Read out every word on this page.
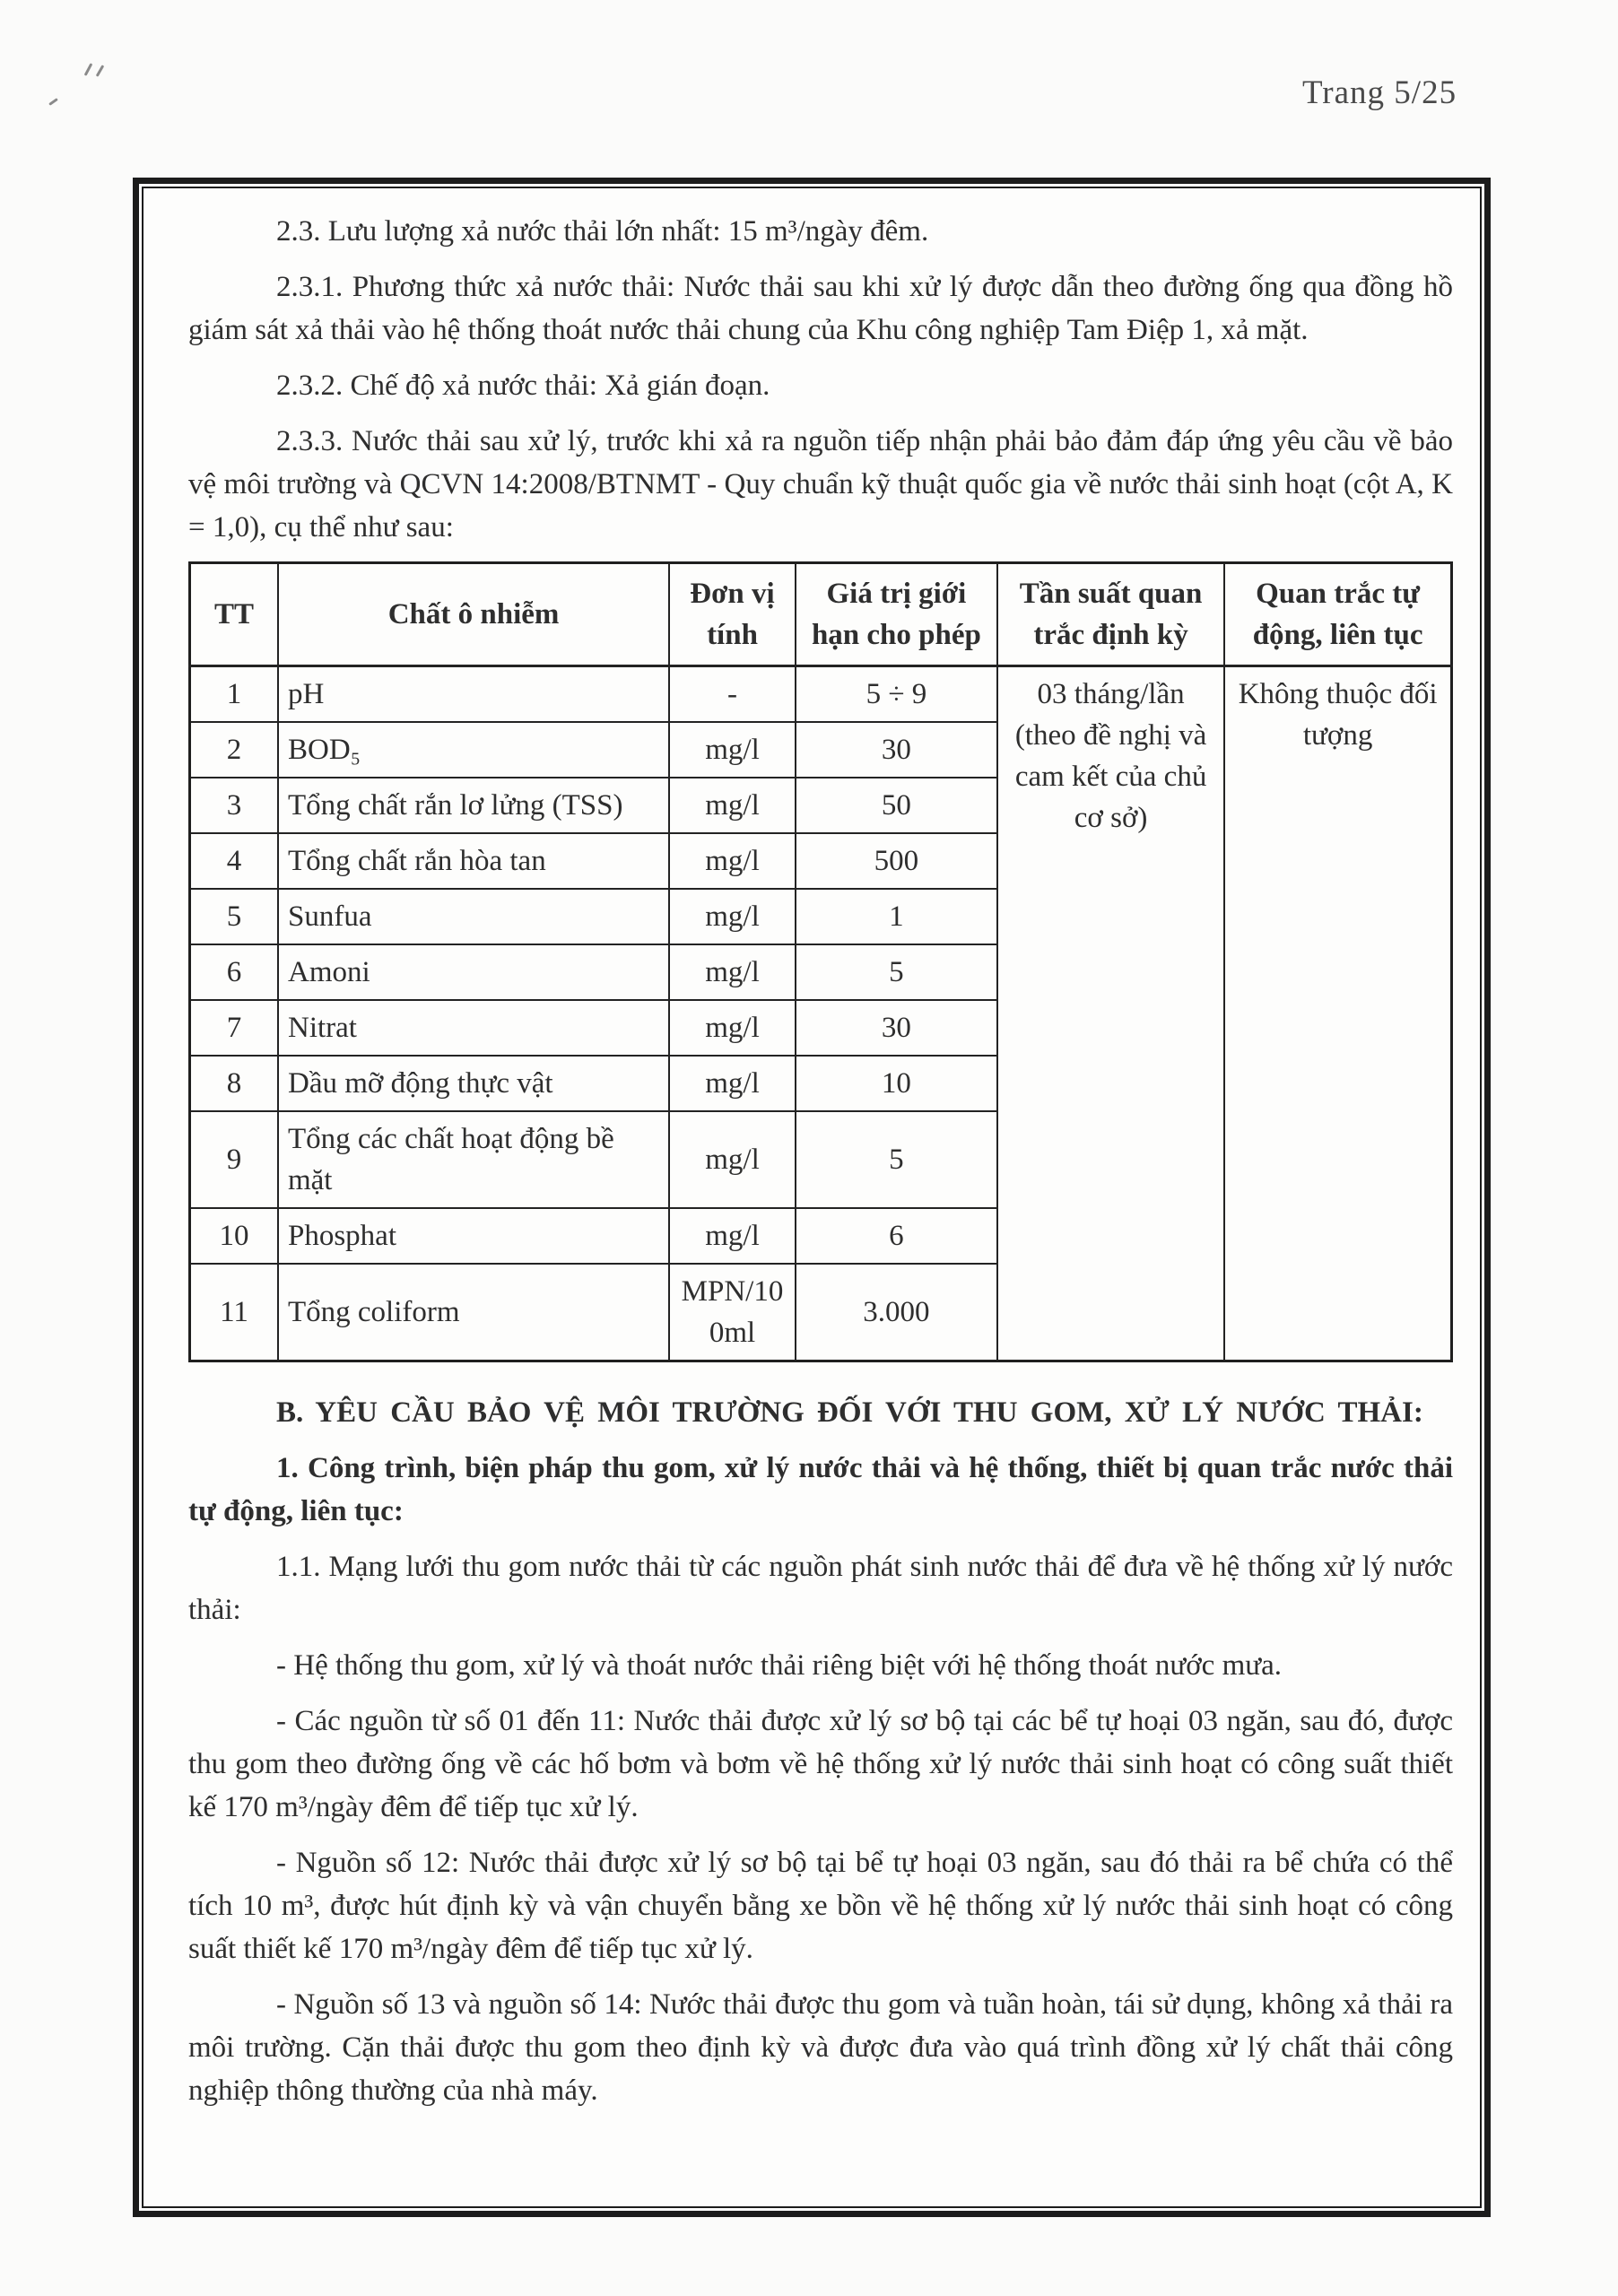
Trang 5/25

2.3. Lưu lượng xả nước thải lớn nhất: 15 m³/ngày đêm.

2.3.1. Phương thức xả nước thải: Nước thải sau khi xử lý được dẫn theo đường ống qua đồng hồ giám sát xả thải vào hệ thống thoát nước thải chung của Khu công nghiệp Tam Điệp 1, xả mặt.

2.3.2. Chế độ xả nước thải: Xả gián đoạn.

2.3.3. Nước thải sau xử lý, trước khi xả ra nguồn tiếp nhận phải bảo đảm đáp ứng yêu cầu về bảo vệ môi trường và QCVN 14:2008/BTNMT - Quy chuẩn kỹ thuật quốc gia về nước thải sinh hoạt (cột A, K = 1,0), cụ thể như sau:

TT	Chất ô nhiễm	Đơn vị tính	Giá trị giới hạn cho phép	Tần suất quan trắc định kỳ	Quan trắc tự động, liên tục
1	pH	-	5 ÷ 9	03 tháng/lần (theo đề nghị và cam kết của chủ cơ sở)	Không thuộc đối tượng
2	BOD₅	mg/l	30		
3	Tổng chất rắn lơ lửng (TSS)	mg/l	50		
4	Tổng chất rắn hòa tan	mg/l	500		
5	Sunfua	mg/l	1		
6	Amoni	mg/l	5		
7	Nitrat	mg/l	30		
8	Dầu mỡ động thực vật	mg/l	10		
9	Tổng các chất hoạt động bề mặt	mg/l	5		
10	Phosphat	mg/l	6		
11	Tổng coliform	MPN/100ml	3.000		

B. YÊU CẦU BẢO VỆ MÔI TRƯỜNG ĐỐI VỚI THU GOM, XỬ LÝ NƯỚC THẢI:

1. Công trình, biện pháp thu gom, xử lý nước thải và hệ thống, thiết bị quan trắc nước thải tự động, liên tục:

1.1. Mạng lưới thu gom nước thải từ các nguồn phát sinh nước thải để đưa về hệ thống xử lý nước thải:

- Hệ thống thu gom, xử lý và thoát nước thải riêng biệt với hệ thống thoát nước mưa.

- Các nguồn từ số 01 đến 11: Nước thải được xử lý sơ bộ tại các bể tự hoại 03 ngăn, sau đó, được thu gom theo đường ống về các hố bơm và bơm về hệ thống xử lý nước thải sinh hoạt có công suất thiết kế 170 m³/ngày đêm để tiếp tục xử lý.

- Nguồn số 12: Nước thải được xử lý sơ bộ tại bể tự hoại 03 ngăn, sau đó thải ra bể chứa có thể tích 10 m³, được hút định kỳ và vận chuyển bằng xe bồn về hệ thống xử lý nước thải sinh hoạt có công suất thiết kế 170 m³/ngày đêm để tiếp tục xử lý.

- Nguồn số 13 và nguồn số 14: Nước thải được thu gom và tuần hoàn, tái sử dụng, không xả thải ra môi trường. Cặn thải được thu gom theo định kỳ và được đưa vào quá trình đồng xử lý chất thải công nghiệp thông thường của nhà máy.
